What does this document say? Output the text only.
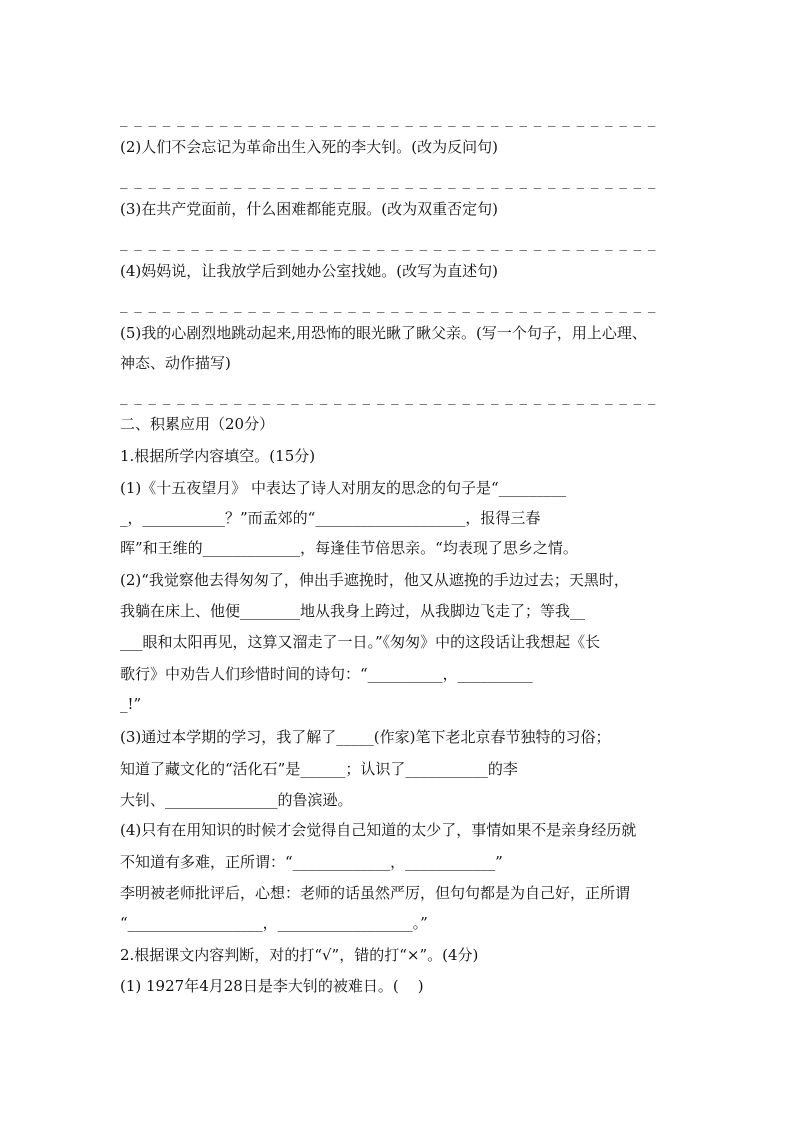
_ _ _ _ _ _ _ _ _ _ _ _ _ _ _ _ _ _ _ _ _ _ _ _ _ _ _ _ _ _ _ _ _ _ _ _ _ _
(2)人们不会忘记为革命出生入死的李大钊。(改为反问句)
_ _ _ _ _ _ _ _ _ _ _ _ _ _ _ _ _ _ _ _ _ _ _ _ _ _ _ _ _ _ _ _ _ _ _ _ _ _
(3)在共产党面前，什么困难都能克服。(改为双重否定句)
_ _ _ _ _ _ _ _ _ _ _ _ _ _ _ _ _ _ _ _ _ _ _ _ _ _ _ _ _ _ _ _ _ _ _ _ _ _
(4)妈妈说，让我放学后到她办公室找她。(改写为直述句)
_ _ _ _ _ _ _ _ _ _ _ _ _ _ _ _ _ _ _ _ _ _ _ _ _ _ _ _ _ _ _ _ _ _ _ _ _ _
(5)我的心剧烈地跳动起来,用恐怖的眼光瞅了瞅父亲。(写一个句子，用上心理、
神态、动作描写)
_ _ _ _ _ _ _ _ _ _ _ _ _ _ _ _ _ _ _ _ _ _ _ _ _ _ _ _ _ _ _ _ _ _ _ _ _ _
二、积累应用（20分）
1.根据所学内容填空。(15分)
(1)《十五夜望月》 中表达了诗人对朋友的思念的句子是“_________
_，___________？”而孟郊的“____________________，报得三春
晖”和王维的_____________，每逢佳节倍思亲。“均表现了思乡之情。
(2)“我觉察他去得匆匆了，伸出手遮挽时，他又从遮挽的手边过去；天黑时，
我躺在床上、他便________地从我身上跨过，从我脚边飞走了；等我__
___眼和太阳再见，这算又溜走了一日。”《匆匆》中的这段话让我想起《长
歌行》中劝告人们珍惜时间的诗句：“__________，__________
_!”
(3)通过本学期的学习，我了解了_____(作家)笔下老北京春节独特的习俗；
知道了藏文化的“活化石”是______；认识了___________的李
大钊、_______________的鲁滨逊。
(4)只有在用知识的时候才会觉得自己知道的太少了，事情如果不是亲身经历就
不知道有多难，正所谓：“_____________，____________”
李明被老师批评后，心想：老师的话虽然严厉，但句句都是为自己好，正所谓
“__________________，__________________。”
2.根据课文内容判断，对的打“√”，错的打“×”。(4分)
(1) 1927年4月28日是李大钊的被难日。(    )
